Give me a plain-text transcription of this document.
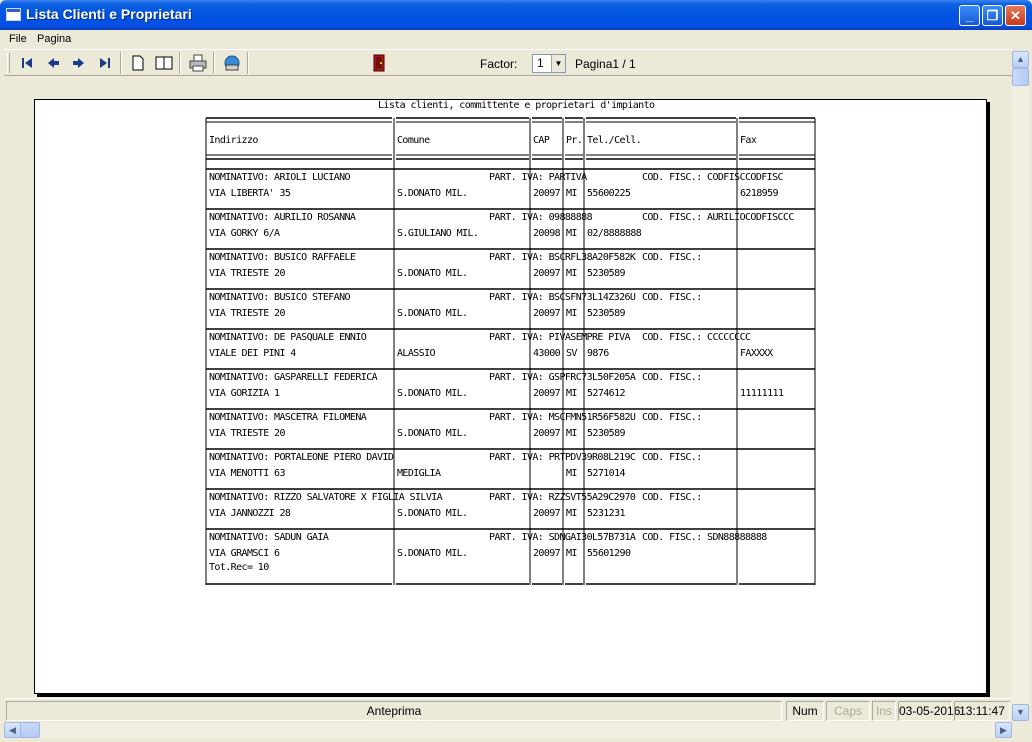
Lista Clienti e Proprietari	_	❐ ✕
File Pagina
Factor:	1	▼ Pagina1 / 1
Lista clienti, committente e proprietari d'impianto
Indirizzo	Comune	CAP Pr. Tel./Cell.	Fax
NOMINATIVO: ARIOLI LUCIANO	PART. IVA: PARTIVA	COD. FISC.: CODFISCCODFISC
VIA LIBERTA' 35	S.DONATO MIL.	20097 MI 55600225	6218959
NOMINATIVO: AURILIO ROSANNA	PART. IVA: 09888888	COD. FISC.: AURILIOCODFISCCC
VIA GORKY 6/A	S.GIULIANO MIL.	20098 MI 02/8888888
NOMINATIVO: BUSICO RAFFAELE	PART. IVA: BSCRFL38A20F582K COD. FISC.:
VIA TRIESTE 20	S.DONATO MIL.	20097 MI 5230589
NOMINATIVO: BUSICO STEFANO	PART. IVA: BSCSFN73L14Z326U COD. FISC.:
VIA TRIESTE 20	S.DONATO MIL.	20097 MI 5230589
NOMINATIVO: DE PASQUALE ENNIO	PART. IVA: PIVASEMPRE PIVA COD. FISC.: CCCCCCCC
VIALE DEI PINI 4	ALASSIO	43000 SV 9876	FAXXXX
NOMINATIVO: GASPARELLI FEDERICA	PART. IVA: GSPFRC73L50F205A COD. FISC.:
VIA GORIZIA 1	S.DONATO MIL.	20097 MI 5274612	11111111
NOMINATIVO: MASCETRA FILOMENA	PART. IVA: MSCFMN51R56F582U COD. FISC.:
VIA TRIESTE 20	S.DONATO MIL.	20097 MI 5230589
NOMINATIVO: PORTALEONE PIERO DAVID	PART. IVA: PRTPDV39R08L219C COD. FISC.:
VIA MENOTTI 63	MEDIGLIA	MI 5271014
NOMINATIVO: RIZZO SALVATORE X FIGLIA SILVIA	PART. IVA: RZZSVT55A29C2970 COD. FISC.:
VIA JANNOZZI 28	S.DONATO MIL.	20097 MI 5231231
NOMINATIVO: SADUN GAIA	PART. IVA: SDNGAI30L57B731A COD. FISC.: SDN88888888
VIA GRAMSCI 6	S.DONATO MIL.	20097 MI 55601290
Tot.Rec= 10
▲
▼
Anteprima	Num	Caps	Ins 03-05-2016
13:11:47
◀	▶
